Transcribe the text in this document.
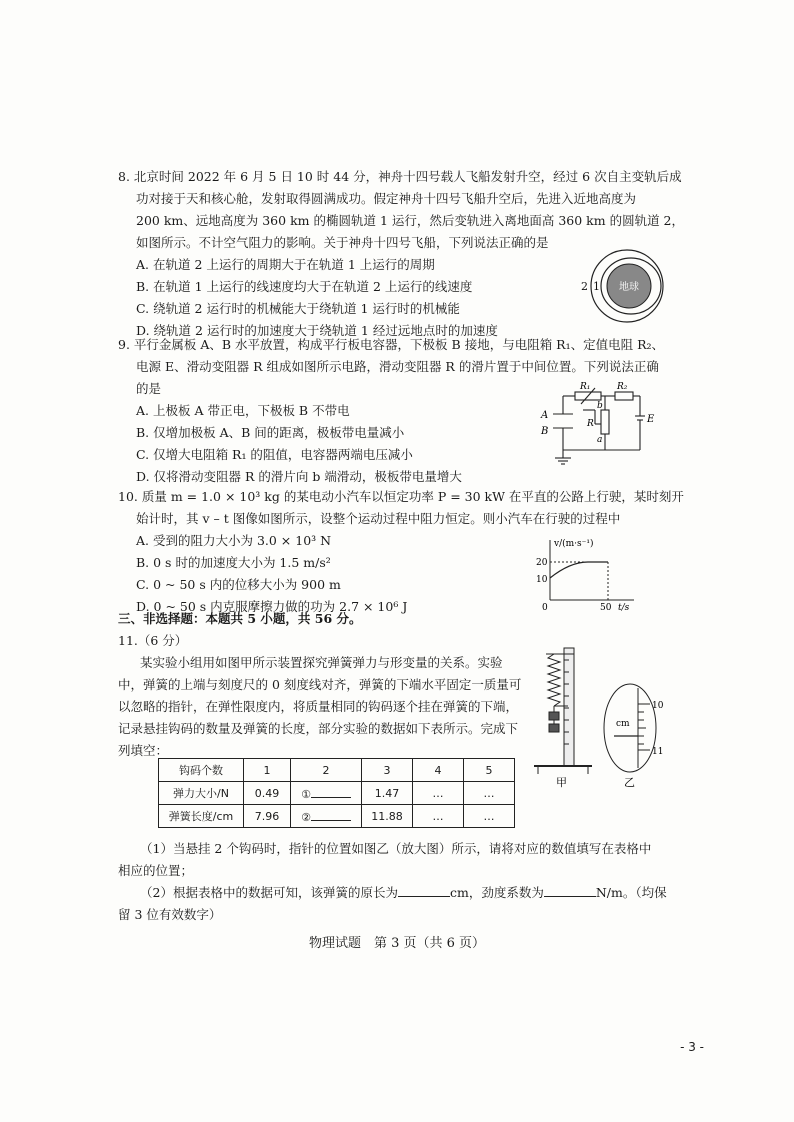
8. 北京时间 2022 年 6 月 5 日 10 时 44 分，神舟十四号载人飞船发射升空，经过 6 次自主变轨后成
功对接于天和核心舱，发射取得圆满成功。假定神舟十四号飞船升空后，先进入近地高度为
200 km、远地高度为 360 km 的椭圆轨道 1 运行，然后变轨进入离地面高 360 km 的圆轨道 2，
如图所示。不计空气阻力的影响。关于神舟十四号飞船，下列说法正确的是
A. 在轨道 2 上运行的周期大于在轨道 1 上运行的周期
B. 在轨道 1 上运行的线速度均大于在轨道 2 上运行的线速度
C. 绕轨道 2 运行时的机械能大于绕轨道 1 运行时的机械能
D. 绕轨道 2 运行时的加速度大于绕轨道 1 经过远地点时的加速度
地球
2 1
9. 平行金属板 A、B 水平放置，构成平行板电容器，下极板 B 接地，与电阻箱 R₁、定值电阻 R₂、
电源 E、滑动变阻器 R 组成如图所示电路，滑动变阻器 R 的滑片置于中间位置。下列说法正确
的是
A. 上极板 A 带正电，下极板 B 不带电
B. 仅增加极板 A、B 间的距离，极板带电量减小
C. 仅增大电阻箱 R₁ 的阻值，电容器两端电压减小
D. 仅将滑动变阻器 R 的滑片向 b 端滑动，极板带电量增大
A
B
R₁	R₂
R
b
a
E
10. 质量 m = 1.0 × 10³ kg 的某电动小汽车以恒定功率 P = 30 kW 在平直的公路上行驶，某时刻开
始计时，其 v – t 图像如图所示，设整个运动过程中阻力恒定。则小汽车在行驶的过程中
A. 受到的阻力大小为 3.0 × 10³ N
B. 0 s 时的加速度大小为 1.5 m/s²
C. 0 ~ 50 s 内的位移大小为 900 m
D. 0 ~ 50 s 内克服摩擦力做的功为 2.7 × 10⁶ J
v/(m·s⁻¹)
t/s
20
10
0	50
三、非选择题：本题共 5 小题，共 56 分。
11.（6 分）
某实验小组用如图甲所示装置探究弹簧弹力与形变量的关系。实验
中，弹簧的上端与刻度尺的 0 刻度线对齐，弹簧的下端水平固定一质量可
以忽略的指针，在弹性限度内，将质量相同的钩码逐个挂在弹簧的下端，
记录悬挂钩码的数量及弹簧的长度，部分实验的数据如下表所示。完成下
列填空：
钩码个数	1	2	3	4	5
弹力大小/N	0.49	①	1.47	…	…
弹簧长度/cm	7.96	②	11.88	…	…
甲
10
cm
11
乙
（1）当悬挂 2 个钩码时，指针的位置如图乙（放大图）所示，请将对应的数值填写在表格中
相应的位置；
（2）根据表格中的数据可知，该弹簧的原长为	cm，劲度系数为	N/m。（均保
留 3 位有效数字）
物理试题　第 3 页（共 6 页）
- 3 -
